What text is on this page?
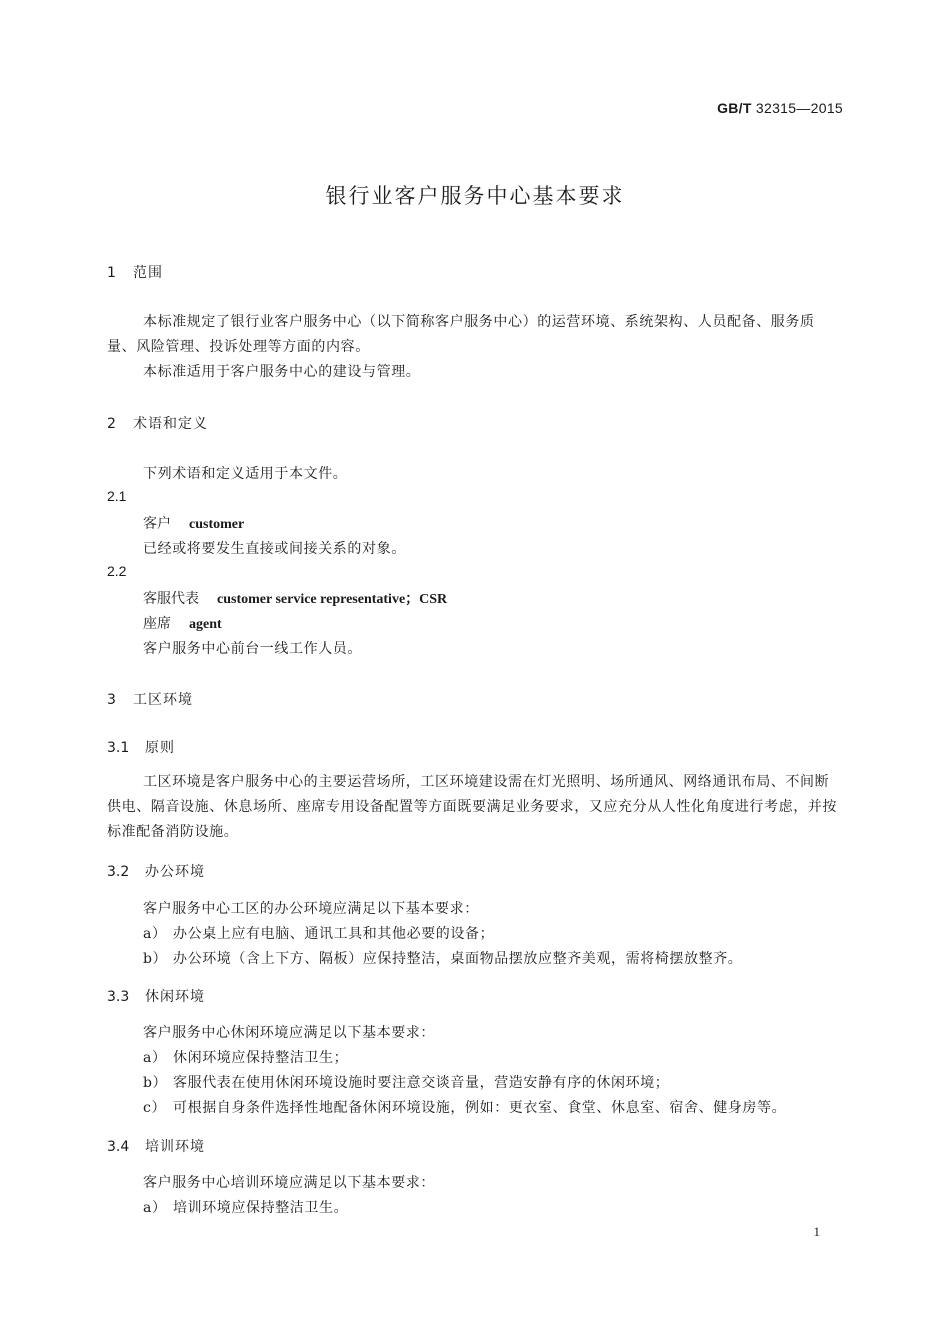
GB/T 32315—2015
银行业客户服务中心基本要求
1 范围
本标准规定了银行业客户服务中心（以下简称客户服务中心）的运营环境、系统架构、人员配备、服务质量、风险管理、投诉处理等方面的内容。
本标准适用于客户服务中心的建设与管理。
2 术语和定义
下列术语和定义适用于本文件。
2.1
客户 customer
已经或将要发生直接或间接关系的对象。
2.2
客服代表 customer service representative；CSR
座席 agent
客户服务中心前台一线工作人员。
3 工区环境
3.1 原则
工区环境是客户服务中心的主要运营场所，工区环境建设需在灯光照明、场所通风、网络通讯布局、不间断供电、隔音设施、休息场所、座席专用设备配置等方面既要满足业务要求，又应充分从人性化角度进行考虑，并按标准配备消防设施。
3.2 办公环境
客户服务中心工区的办公环境应满足以下基本要求：
a） 办公桌上应有电脑、通讯工具和其他必要的设备；
b） 办公环境（含上下方、隔板）应保持整洁，桌面物品摆放应整齐美观，需将椅摆放整齐。
3.3 休闲环境
客户服务中心休闲环境应满足以下基本要求：
a） 休闲环境应保持整洁卫生；
b） 客服代表在使用休闲环境设施时要注意交谈音量，营造安静有序的休闲环境；
c） 可根据自身条件选择性地配备休闲环境设施，例如：更衣室、食堂、休息室、宿舍、健身房等。
3.4 培训环境
客户服务中心培训环境应满足以下基本要求：
a） 培训环境应保持整洁卫生。
1
